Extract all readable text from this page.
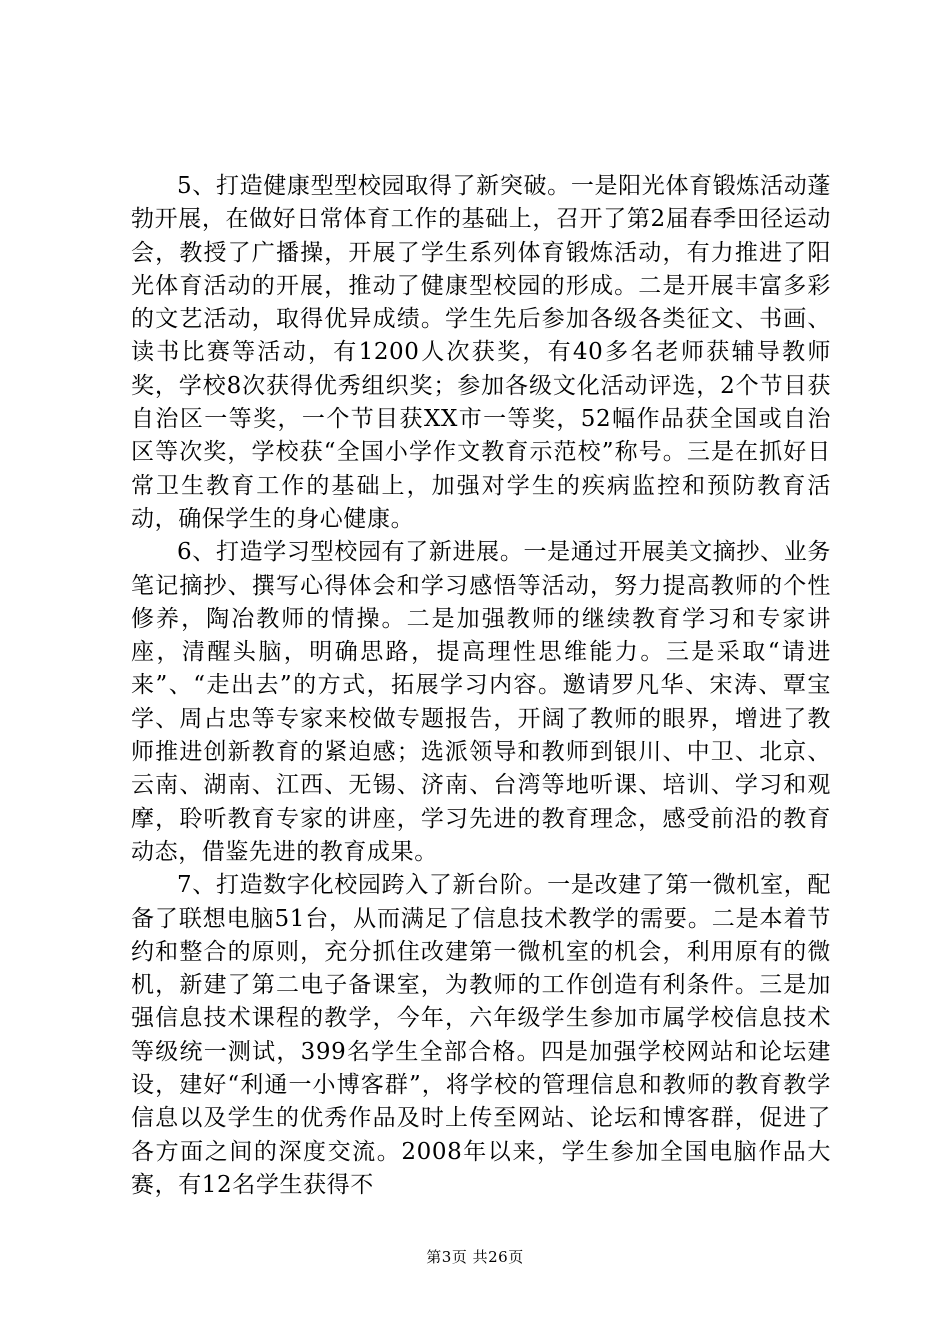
5、打造健康型型校园取得了新突破。一是阳光体育锻炼活动蓬勃开展，在做好日常体育工作的基础上，召开了第2届春季田径运动会，教授了广播操，开展了学生系列体育锻炼活动，有力推进了阳光体育活动的开展，推动了健康型校园的形成。二是开展丰富多彩的文艺活动，取得优异成绩。学生先后参加各级各类征文、书画、读书比赛等活动，有1200人次获奖，有40多名老师获辅导教师奖，学校8次获得优秀组织奖；参加各级文化活动评选，2个节目获自治区一等奖，一个节目获XX市一等奖，52幅作品获全国或自治区等次奖，学校获“全国小学作文教育示范校”称号。三是在抓好日常卫生教育工作的基础上，加强对学生的疾病监控和预防教育活动，确保学生的身心健康。

6、打造学习型校园有了新进展。一是通过开展美文摘抄、业务笔记摘抄、撰写心得体会和学习感悟等活动，努力提高教师的个性修养，陶冶教师的情操。二是加强教师的继续教育学习和专家讲座，清醒头脑，明确思路，提高理性思维能力。三是采取“请进来”、“走出去”的方式，拓展学习内容。邀请罗凡华、宋涛、覃宝学、周占忠等专家来校做专题报告，开阔了教师的眼界，增进了教师推进创新教育的紧迫感；选派领导和教师到银川、中卫、北京、云南、湖南、江西、无锡、济南、台湾等地听课、培训、学习和观摩，聆听教育专家的讲座，学习先进的教育理念，感受前沿的教育动态，借鉴先进的教育成果。

7、打造数字化校园跨入了新台阶。一是改建了第一微机室，配备了联想电脑51台，从而满足了信息技术教学的需要。二是本着节约和整合的原则，充分抓住改建第一微机室的机会，利用原有的微机，新建了第二电子备课室，为教师的工作创造有利条件。三是加强信息技术课程的教学，今年，六年级学生参加市属学校信息技术等级统一测试，399名学生全部合格。四是加强学校网站和论坛建设，建好“利通一小博客群”，将学校的管理信息和教师的教育教学信息以及学生的优秀作品及时上传至网站、论坛和博客群，促进了各方面之间的深度交流。2008年以来，学生参加全国电脑作品大赛，有12名学生获得不

第3页 共26页
